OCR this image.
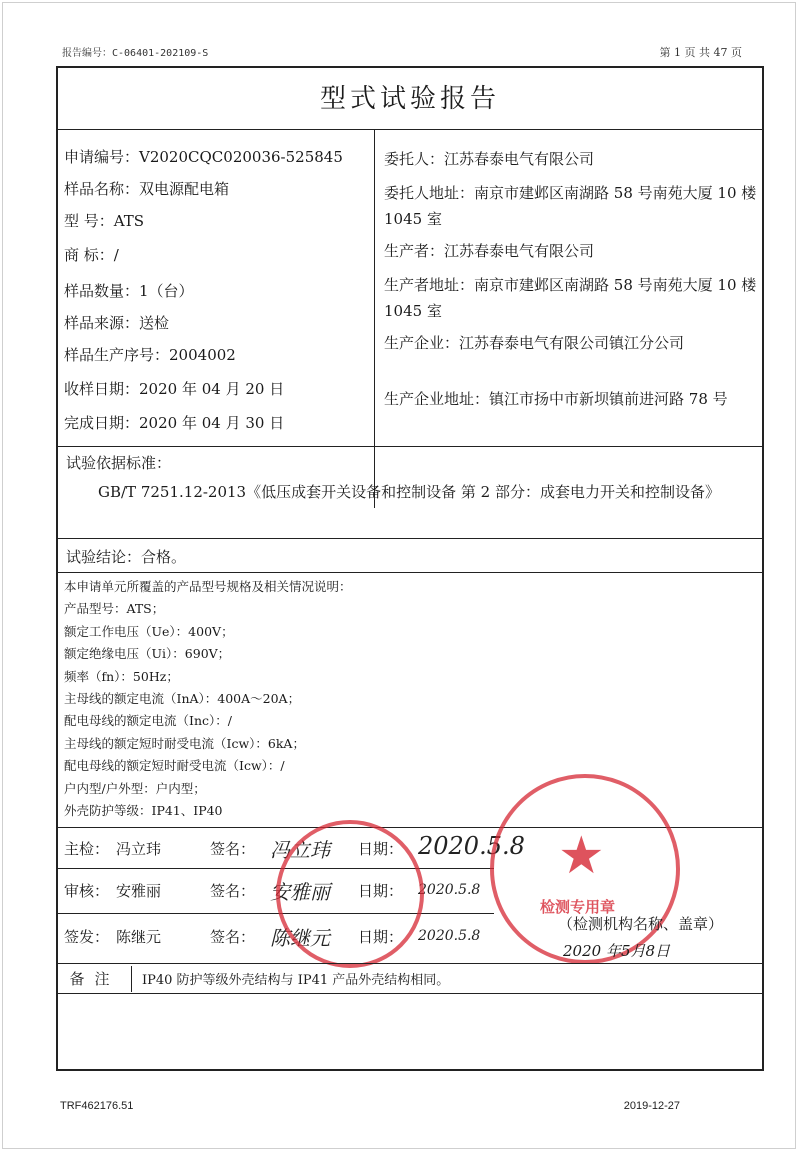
报告编号：C-06401-202109-S	第 1 页 共 47 页
型式试验报告
申请编号：V2020CQC020036-525845
样品名称：双电源配电箱
型 号：ATS
商 标：/
样品数量：1（台）
样品来源：送检
样品生产序号：2004002
收样日期：2020 年 04 月 20 日
完成日期：2020 年 04 月 30 日
委托人：江苏春泰电气有限公司
委托人地址：南京市建邺区南湖路 58 号南苑大厦 10 楼 1045 室
生产者：江苏春泰电气有限公司
生产者地址：南京市建邺区南湖路 58 号南苑大厦 10 楼 1045 室
生产企业：江苏春泰电气有限公司镇江分公司
生产企业地址：镇江市扬中市新坝镇前进河路 78 号
试验依据标准：
GB/T 7251.12-2013《低压成套开关设备和控制设备 第 2 部分：成套电力开关和控制设备》
试验结论：合格。
本申请单元所覆盖的产品型号规格及相关情况说明：
产品型号：ATS；
额定工作电压（Ue）：400V；
额定绝缘电压（Ui）：690V；
频率（fn）：50Hz；
主母线的额定电流（InA）：400A～20A；
配电母线的额定电流（Inc）：/
主母线的额定短时耐受电流（Icw）：6kA；
配电母线的额定短时耐受电流（Icw）：/
户内型/户外型：户内型；
外壳防护等级：IP41、IP40
主检： 冯立玮	签名： 冯立玮 日期： 2020.5.8
审核： 安雅丽	签名： 安雅丽 日期： 2020.5.8
签发： 陈继元	签名： 陈继元 日期： 2020.5.8
★
检测专用章
（检测机构名称、盖章）
2020 年5月8日
备注	IP40 防护等级外壳结构与 IP41 产品外壳结构相同。
TRF462176.51	2019-12-27
